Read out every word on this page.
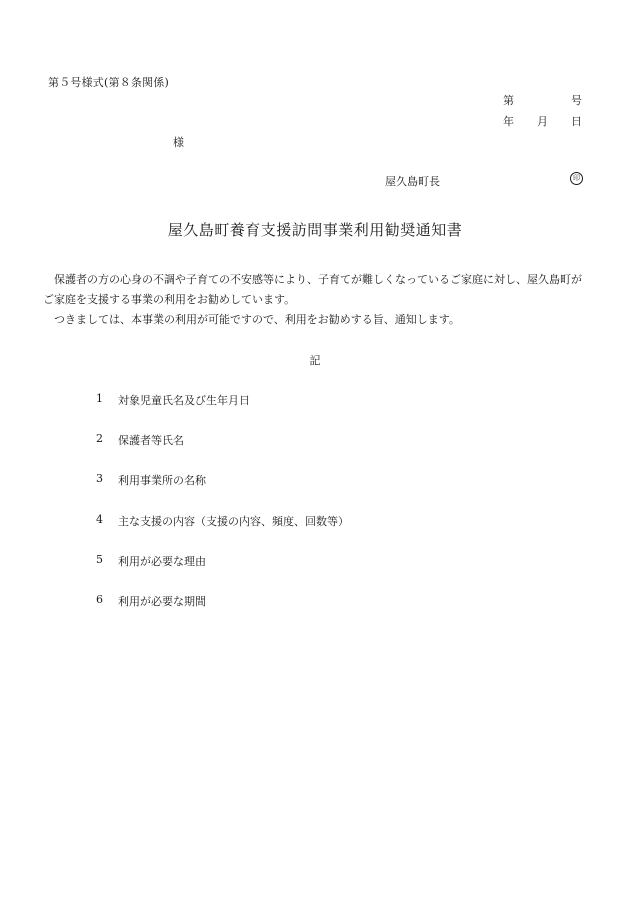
第５号様式(第８条関係)
第	号
年 月 日
様
屋久島町長	印
屋久島町養育支援訪問事業利用勧奨通知書

保護者の方の心身の不調や子育ての不安感等により、子育てが難しくなっているご家庭に対し、屋久島町がご家庭を支援する事業の利用をお勧めしています。

つきましては、本事業の利用が可能ですので、利用をお勧めする旨、通知します。

記
1	対象児童氏名及び生年月日
2	保護者等氏名
3	利用事業所の名称
4	主な支援の内容（支援の内容、頻度、回数等）
5	利用が必要な理由
6	利用が必要な期間
